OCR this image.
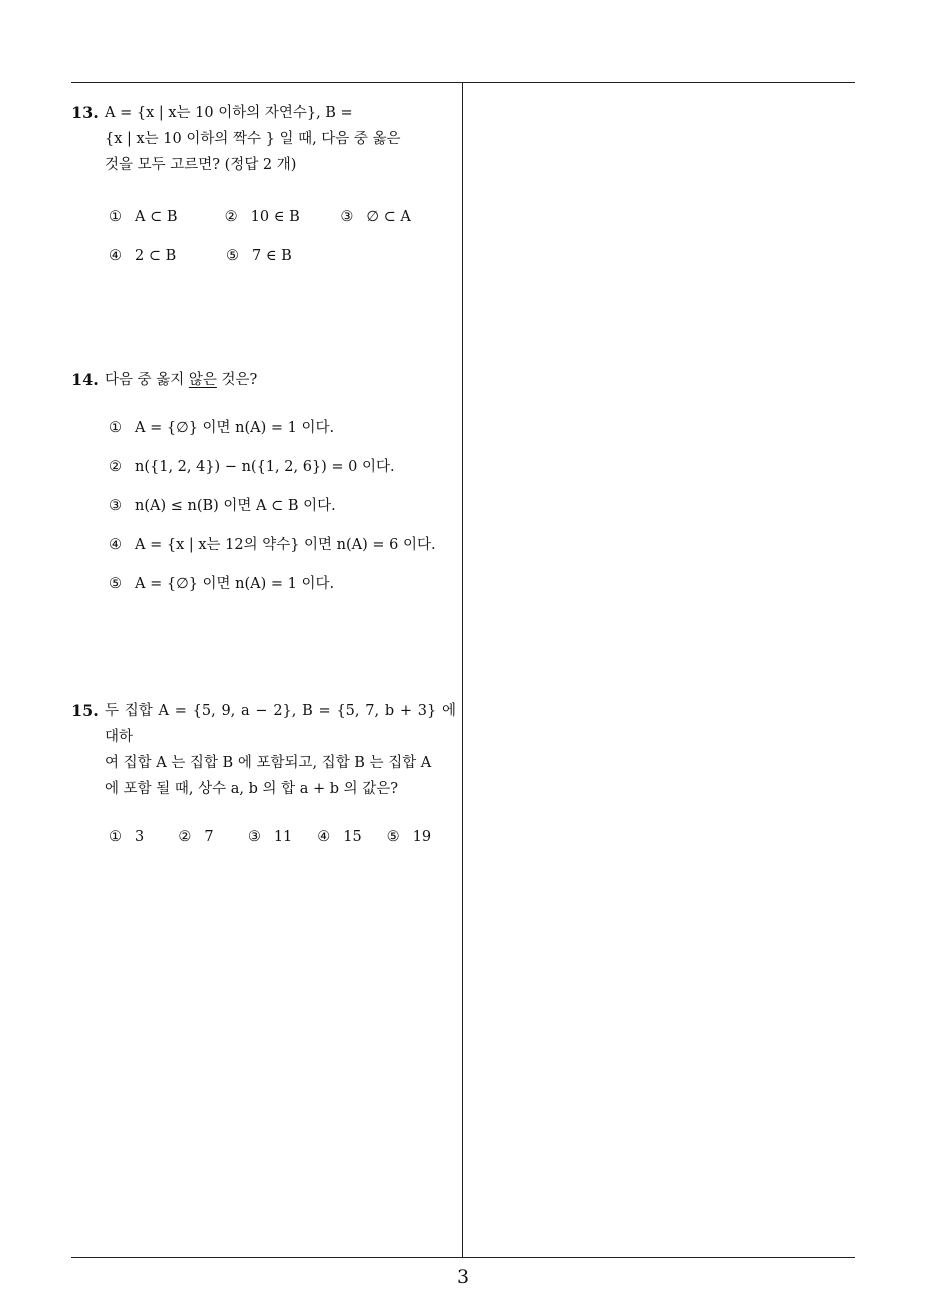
13. A = {x | x는 10 이하의 자연수}, B =
{x | x는 10 이하의 짝수 } 일 때, 다음 중 옳은
것을 모두 고르면? (정답 2 개)
① A ⊂ B	② 10 ∈ B	③ ∅ ⊂ A
④ 2 ⊂ B	⑤ 7 ∈ B
14. 다음 중 옳지 않은 것은?
① A = {∅} 이면 n(A) = 1 이다.
② n({1, 2, 4}) − n({1, 2, 6}) = 0 이다.
③ n(A) ≤ n(B) 이면 A ⊂ B 이다.
④ A = {x | x는 12의 약수} 이면 n(A) = 6 이다.
⑤ A = {∅} 이면 n(A) = 1 이다.
15. 두 집합 A = {5, 9, a − 2}, B = {5, 7, b + 3} 에 대하
여 집합 A 는 집합 B 에 포함되고, 집합 B 는 집합 A
에 포함 될 때, 상수 a, b 의 합 a + b 의 값은?
① 3	② 7	③ 11	④ 15	⑤ 19
3
